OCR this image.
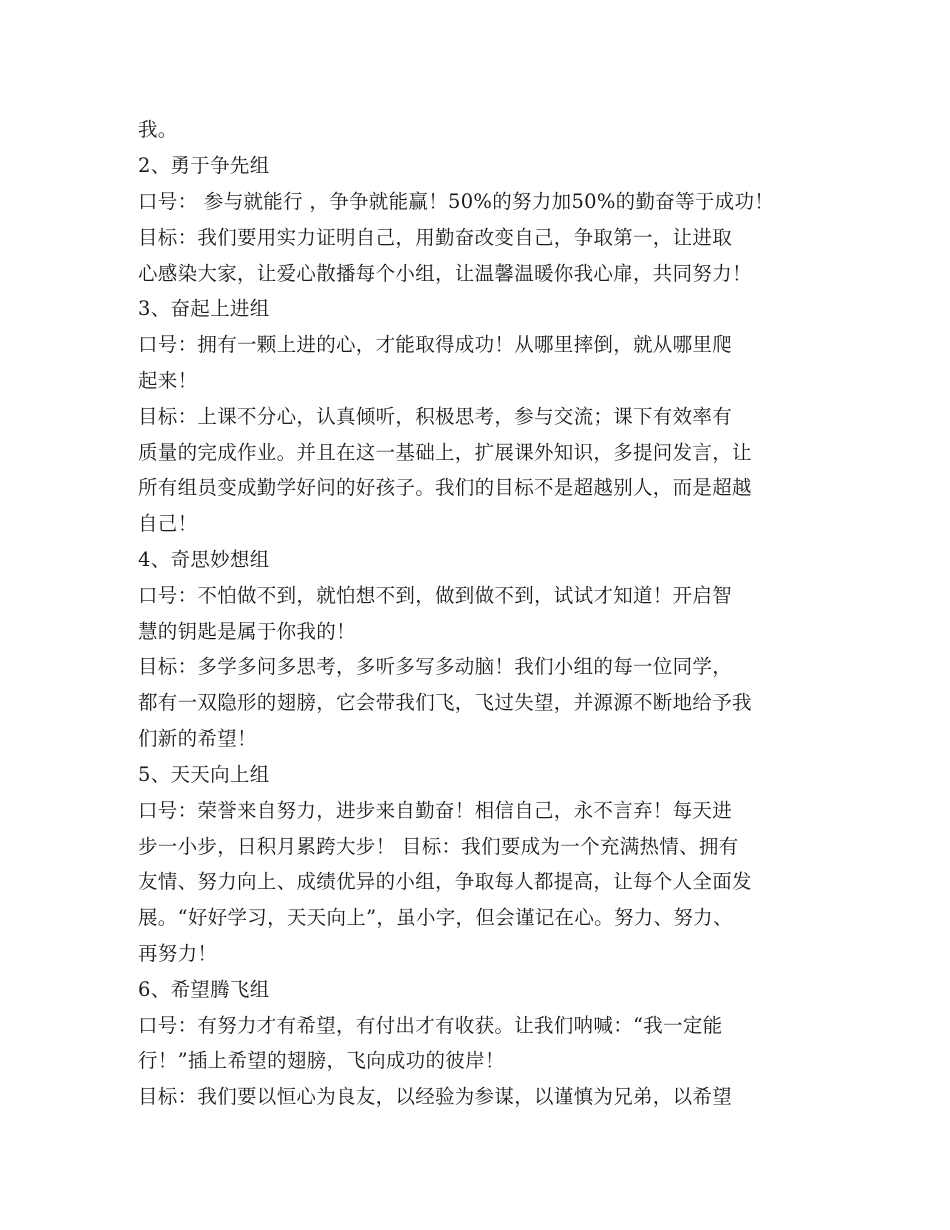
我。

2、勇于争先组

口号： 参与就能行 ，争争就能赢！50%的努力加50%的勤奋等于成功！

目标：我们要用实力证明自己，用勤奋改变自己，争取第一，让进取

心感染大家，让爱心散播每个小组，让温馨温暖你我心扉，共同努力！

3、奋起上进组

口号：拥有一颗上进的心，才能取得成功！从哪里摔倒，就从哪里爬

起来！

目标：上课不分心，认真倾听，积极思考，参与交流；课下有效率有

质量的完成作业。并且在这一基础上，扩展课外知识，多提问发言，让

所有组员变成勤学好问的好孩子。我们的目标不是超越别人，而是超越

自己！

4、奇思妙想组

口号：不怕做不到，就怕想不到，做到做不到，试试才知道！开启智

慧的钥匙是属于你我的！

目标：多学多问多思考，多听多写多动脑！我们小组的每一位同学，

都有一双隐形的翅膀，它会带我们飞，飞过失望，并源源不断地给予我

们新的希望！

5、天天向上组

口号：荣誉来自努力，进步来自勤奋！相信自己，永不言弃！每天进

步一小步，日积月累跨大步！ 目标：我们要成为一个充满热情、拥有

友情、努力向上、成绩优异的小组，争取每人都提高，让每个人全面发

展。“好好学习，天天向上”，虽小字，但会谨记在心。努力、努力、

再努力！

6、希望腾飞组

口号：有努力才有希望，有付出才有收获。让我们呐喊：“我一定能

行！”插上希望的翅膀，飞向成功的彼岸！

目标：我们要以恒心为良友，以经验为参谋，以谨慎为兄弟，以希望
